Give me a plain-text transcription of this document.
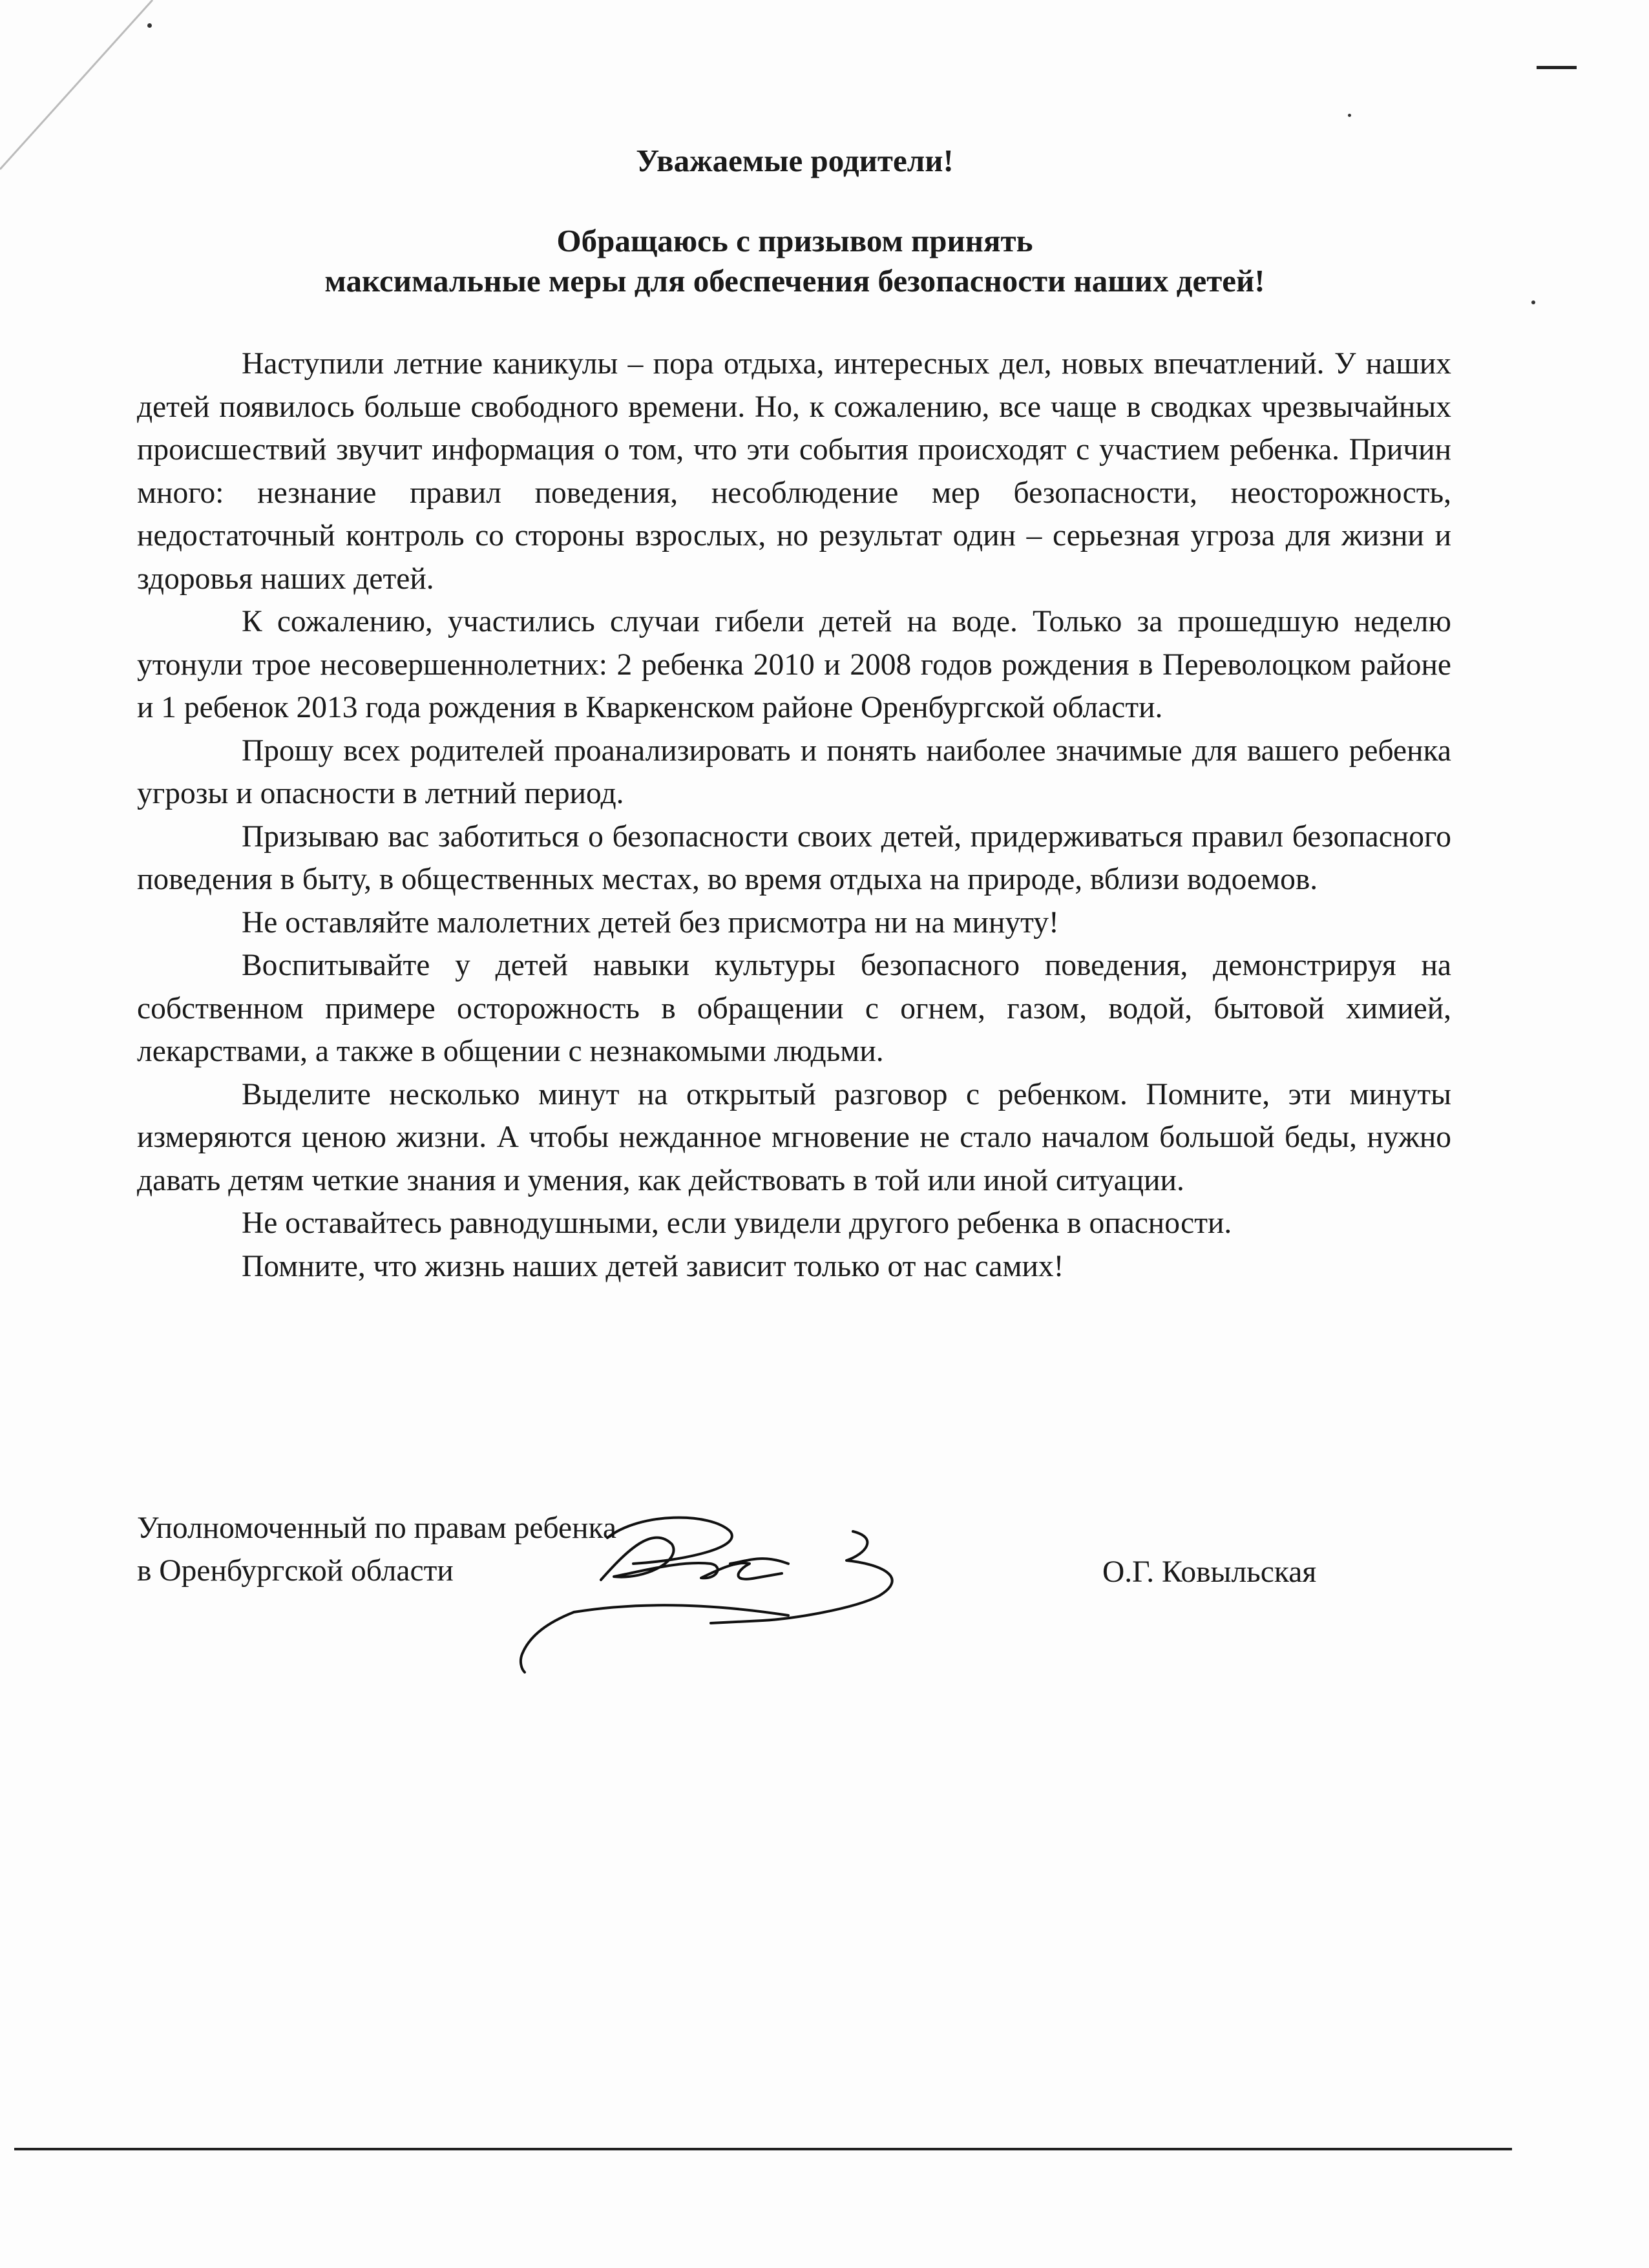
Уважаемые родители!
Обращаюсь с призывом принять
максимальные меры для обеспечения безопасности наших детей!

Наступили летние каникулы – пора отдыха, интересных дел, новых впечатлений. У наших детей появилось больше свободного времени. Но, к сожалению, все чаще в сводках чрезвычайных происшествий звучит информация о том, что эти события происходят с участием ребенка. Причин много: незнание правил поведения, несоблюдение мер безопасности, неосторожность, недостаточный контроль со стороны взрослых, но результат один – серьезная угроза для жизни и здоровья наших детей.

К сожалению, участились случаи гибели детей на воде. Только за прошедшую неделю утонули трое несовершеннолетних: 2 ребенка 2010 и 2008 годов рождения в Переволоцком районе и 1 ребенок 2013 года рождения в Кваркенском районе Оренбургской области.

Прошу всех родителей проанализировать и понять наиболее значимые для вашего ребенка угрозы и опасности в летний период.

Призываю вас заботиться о безопасности своих детей, придерживаться правил безопасного поведения в быту, в общественных местах, во время отдыха на природе, вблизи водоемов.

Не оставляйте малолетних детей без присмотра ни на минуту!

Воспитывайте у детей навыки культуры безопасного поведения, демонстрируя на собственном примере осторожность в обращении с огнем, газом, водой, бытовой химией, лекарствами, а также в общении с незнакомыми людьми.

Выделите несколько минут на открытый разговор с ребенком. Помните, эти минуты измеряются ценою жизни. А чтобы нежданное мгновение не стало началом большой беды, нужно давать детям четкие знания и умения, как действовать в той или иной ситуации.

Не оставайтесь равнодушными, если увидели другого ребенка в опасности.

Помните, что жизнь наших детей зависит только от нас самих!

Уполномоченный по правам ребенка
в Оренбургской области	О.Г. Ковыльская
